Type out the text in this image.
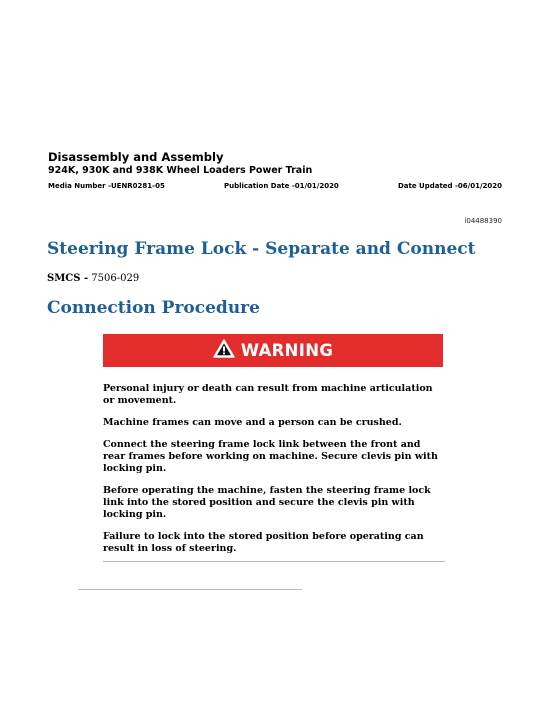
Disassembly and Assembly
924K, 930K and 938K Wheel Loaders Power Train
Media Number -UENR0281-05	Publication Date -01/01/2020	Date Updated -06/01/2020
i04488390
Steering Frame Lock - Separate and Connect
SMCS - 7506-029
Connection Procedure
WARNING

Personal injury or death can result from machine articulation or movement.

Machine frames can move and a person can be crushed.

Connect the steering frame lock link between the front and rear frames before working on machine. Secure clevis pin with locking pin.

Before operating the machine, fasten the steering frame lock link into the stored position and secure the clevis pin with locking pin.

Failure to lock into the stored position before operating can result in loss of steering.
